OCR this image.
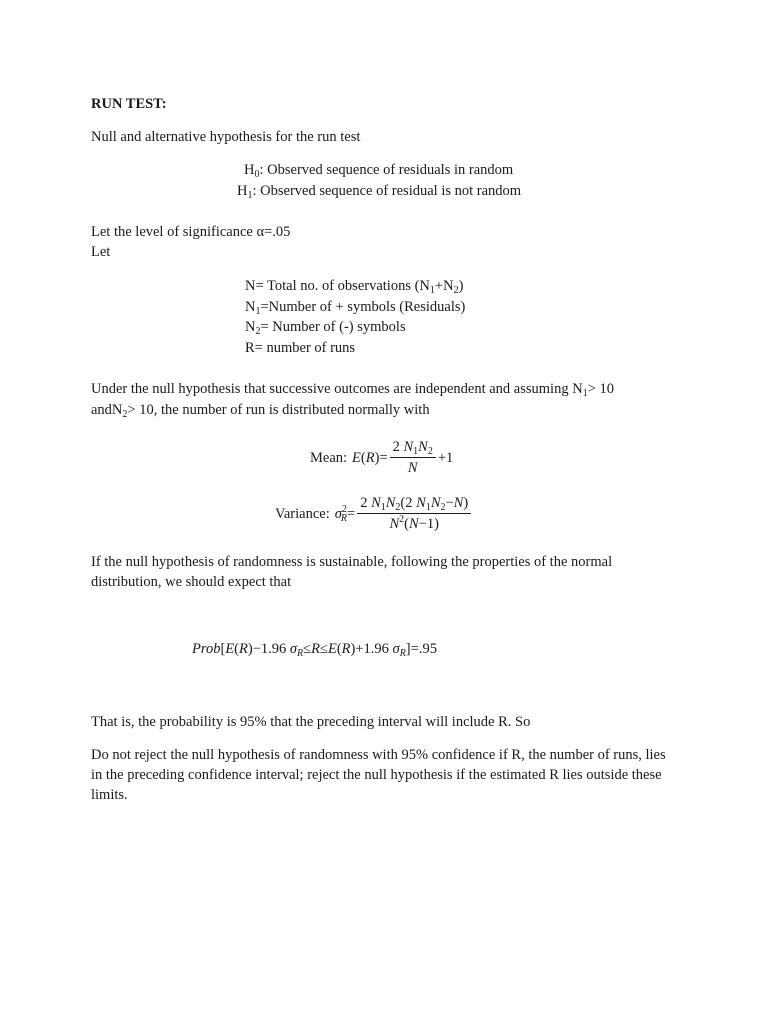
RUN TEST:
Null and alternative hypothesis for the run test
$H_0$: Observed sequence of residuals in random
$H_1$: Observed sequence of residual is not random
Let the level of significance α=.05
Let
N= Total no. of observations $(N_1+N_2)$
$N_1=Number$ of + symbols (Residuals)
$N_2=$ Number of (-) symbols
R= number of runs
Under the null hypothesis that successive outcomes are independent and assuming $N_1> 10$
andN$_2$> 10, the number of run is distributed normally with
Mean: $E(R)= \frac{2 N_1N_2}{N} +1$
Variance: $\sigma^2_R= \frac{2 N_1N_2(2 N_1N_2-N)}{N^2(N-1)}$
If the null hypothesis of randomness is sustainable, following the properties of the normal distribution, we should expect that
Prob[E(R)−1.96 $\sigma_R\le R\le E(R)+1.96$ $\sigma_R] =.95$
That is, the probability is 95% that the preceding interval will include R. So
Do not reject the null hypothesis of randomness with 95% confidence if R, the number of runs, lies in the preceding confidence interval; reject the null hypothesis if the estimated R lies outside these limits.
